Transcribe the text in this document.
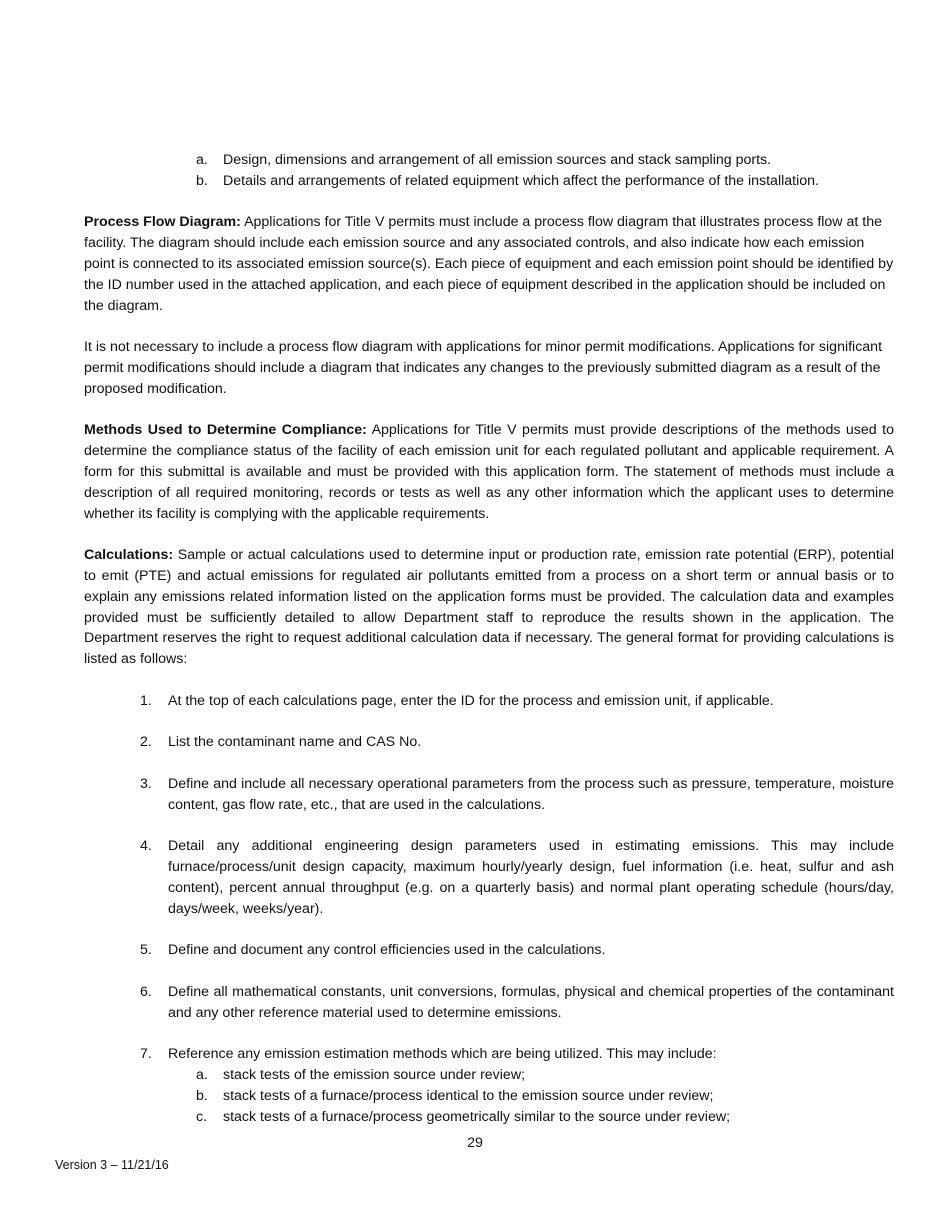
a. Design, dimensions and arrangement of all emission sources and stack sampling ports.
b. Details and arrangements of related equipment which affect the performance of the installation.

Process Flow Diagram: Applications for Title V permits must include a process flow diagram that illustrates process flow at the facility. The diagram should include each emission source and any associated controls, and also indicate how each emission point is connected to its associated emission source(s). Each piece of equipment and each emission point should be identified by the ID number used in the attached application, and each piece of equipment described in the application should be included on the diagram.

It is not necessary to include a process flow diagram with applications for minor permit modifications. Applications for significant permit modifications should include a diagram that indicates any changes to the previously submitted diagram as a result of the proposed modification.

Methods Used to Determine Compliance: Applications for Title V permits must provide descriptions of the methods used to determine the compliance status of the facility of each emission unit for each regulated pollutant and applicable requirement. A form for this submittal is available and must be provided with this application form. The statement of methods must include a description of all required monitoring, records or tests as well as any other information which the applicant uses to determine whether its facility is complying with the applicable requirements.

Calculations: Sample or actual calculations used to determine input or production rate, emission rate potential (ERP), potential to emit (PTE) and actual emissions for regulated air pollutants emitted from a process on a short term or annual basis or to explain any emissions related information listed on the application forms must be provided. The calculation data and examples provided must be sufficiently detailed to allow Department staff to reproduce the results shown in the application. The Department reserves the right to request additional calculation data if necessary. The general format for providing calculations is listed as follows:

1. At the top of each calculations page, enter the ID for the process and emission unit, if applicable.
2. List the contaminant name and CAS No.
3. Define and include all necessary operational parameters from the process such as pressure, temperature, moisture content, gas flow rate, etc., that are used in the calculations.
4. Detail any additional engineering design parameters used in estimating emissions. This may include furnace/process/unit design capacity, maximum hourly/yearly design, fuel information (i.e. heat, sulfur and ash content), percent annual throughput (e.g. on a quarterly basis) and normal plant operating schedule (hours/day, days/week, weeks/year).
5. Define and document any control efficiencies used in the calculations.
6. Define all mathematical constants, unit conversions, formulas, physical and chemical properties of the contaminant and any other reference material used to determine emissions.
7. Reference any emission estimation methods which are being utilized. This may include:
a. stack tests of the emission source under review;
b. stack tests of a furnace/process identical to the emission source under review;
c. stack tests of a furnace/process geometrically similar to the source under review;
29
Version 3 – 11/21/16
